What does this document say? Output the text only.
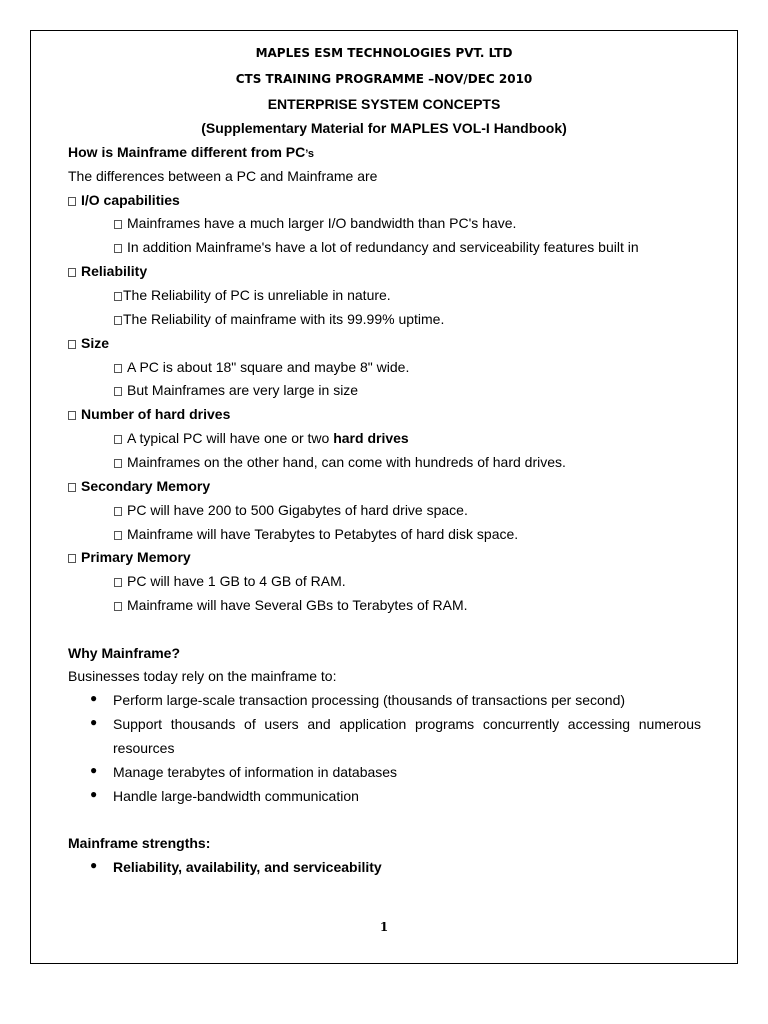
MAPLES ESM TECHNOLOGIES PVT. LTD
CTS TRAINING PROGRAMME –NOV/DEC 2010
ENTERPRISE SYSTEM CONCEPTS
(Supplementary Material for MAPLES VOL-I Handbook)
How is Mainframe different from PC’s
The differences between a PC and Mainframe are
I/O capabilities
Mainframes have a much larger I/O bandwidth than PC's have.
In addition Mainframe's have a lot of redundancy and serviceability features built in
Reliability
The Reliability of PC is unreliable in nature.
The Reliability of mainframe with its 99.99% uptime.
Size
A PC is about 18" square and maybe 8" wide.
But Mainframes are very large in size
Number of hard drives
A typical PC will have one or two hard drives
Mainframes on the other hand, can come with hundreds of hard drives.
Secondary Memory
PC will have 200 to 500 Gigabytes of hard drive space.
Mainframe will have Terabytes to Petabytes of hard disk space.
Primary Memory
PC will have 1 GB to 4 GB of RAM.
Mainframe will have Several GBs to Terabytes of RAM.
Why Mainframe?
Businesses today rely on the mainframe to:
● Perform large-scale transaction processing (thousands of transactions per second)
● Support thousands of users and application programs concurrently accessing numerous
resources
● Manage terabytes of information in databases
● Handle large-bandwidth communication
Mainframe strengths:
● Reliability, availability, and serviceability
1
